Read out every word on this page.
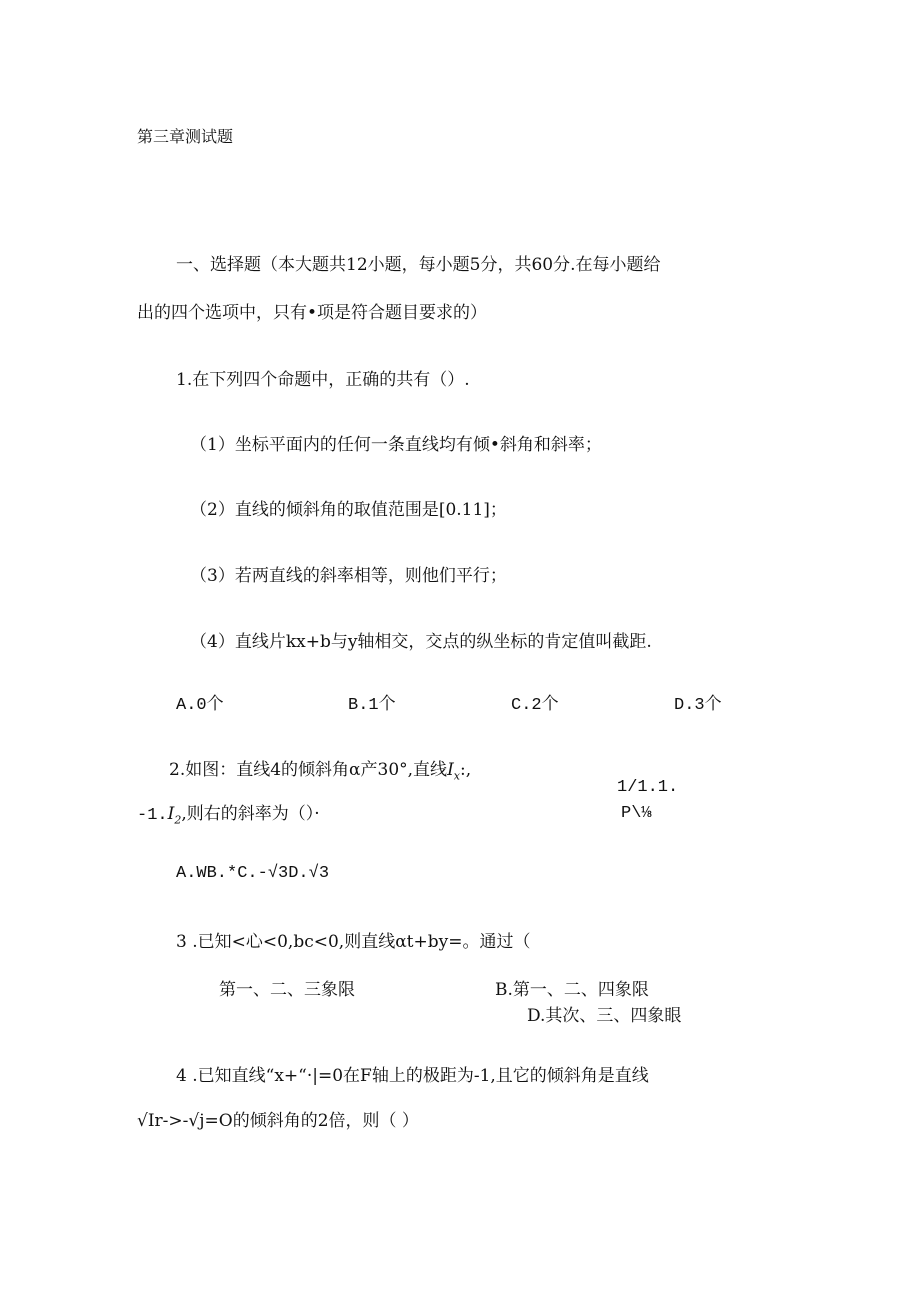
第三章测试题
一、选择题（本大题共12小题，每小题5分，共60分.在每小题给
出的四个选项中，只有•项是符合题目要求的）
1.在下列四个命题中，正确的共有（）.
（1）坐标平面内的任何一条直线均有倾•斜角和斜率；
（2）直线的倾斜角的取值范围是[0.11]；
（3）若两直线的斜率相等，则他们平行；
（4）直线片kx+b与y轴相交，交点的纵坐标的肯定值叫截距.
A.0个	B.1个	C.2个	D.3个
2.如图：直线4的倾斜角α产30°,直线$I_x$:,
1/1.1.
$-1.I_2$,则右的斜率为（）·	P\⅛
A.WB.*C.-√3D.√3
3 .已知<心<0,bc<0,则直线αt+by=。通过（
第一、二、三象限	B.第一、二、四象限
D.其次、三、四象眼
4 .已知直线“x+“·|=0在F轴上的极距为-1,且它的倾斜角是直线
√Ir->-√j=O的倾斜角的2倍，则（ ）
